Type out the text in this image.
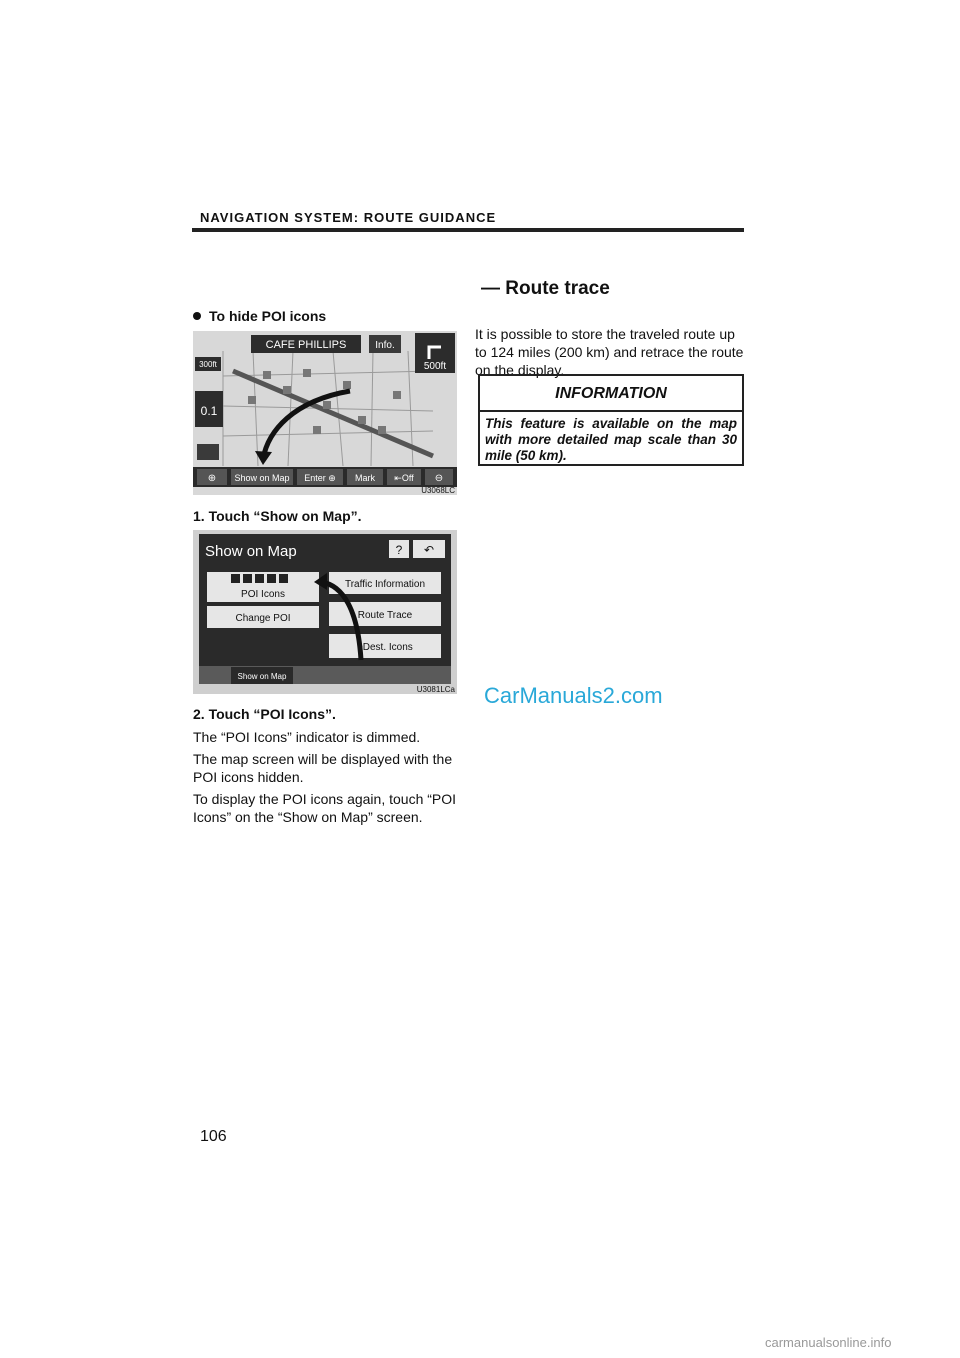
NAVIGATION SYSTEM: ROUTE GUIDANCE
To hide POI icons
CAFE PHILLIPS	Info.
500ft
300ft
0.1
⊕ Show on Map Enter ⊕ Mark ⇤Off ⊖
U3068LC
1. Touch “Show on Map”.
Show on Map	? ↶
POI Icons
Change POI
Traffic Information
Route Trace
eDest. Icons
Show on Map
U3081LCa
2. Touch “POI Icons”.
The “POI Icons” indicator is dimmed.
The map screen will be displayed with the POI icons hidden.
To display the POI icons again, touch “POI Icons” on the “Show on Map” screen.
— Route trace
It is possible to store the traveled route up to 124 miles (200 km) and retrace the route on the display.
INFORMATION
This feature is available on the map with more detailed map scale than 30 mile (50 km).
CarManuals2.com
106
carmanualsonline.info
